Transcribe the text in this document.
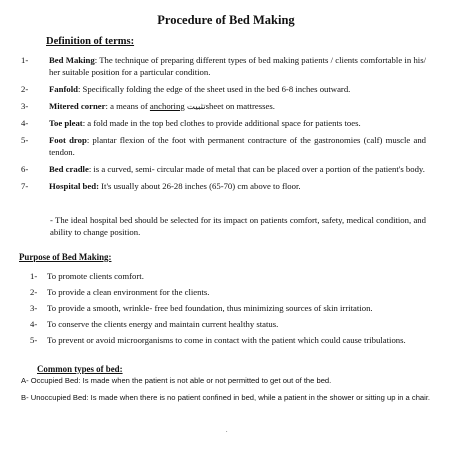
Procedure of Bed Making
Definition of terms:
1- Bed Making: The technique of preparing different types of bed making patients / clients comfortable in his/ her suitable position for a particular condition.
2- Fanfold: Specifically folding the edge of the sheet used in the bed 6-8 inches outward.
3- Mitered corner: a means of anchoring تثبيتsheet on mattresses.
4- Toe pleat: a fold made in the top bed clothes to provide additional space for patients toes.
5- Foot drop: plantar flexion of the foot with permanent contracture of the gastronomies (calf) muscle and tendon.
6- Bed cradle: is a curved, semi- circular made of metal that can be placed over a portion of the patient's body.
7- Hospital bed: It's usually about 26-28 inches (65-70) cm above to floor.
- The ideal hospital bed should be selected for its impact on patients comfort, safety, medical condition, and ability to change position.
Purpose of Bed Making:
1- To promote clients comfort.
2- To provide a clean environment for the clients.
3- To provide a smooth, wrinkle- free bed foundation, thus minimizing sources of skin irritation.
4- To conserve the clients energy and maintain current healthy status.
5- To prevent or avoid microorganisms to come in contact with the patient which could cause tribulations.
Common types of bed:
A- Occupied Bed: Is made when the patient is not able or not permitted to get out of the bed.
B- Unoccupied Bed: Is made when there is no patient confined in bed, while a patient in the shower or sitting up in a chair.
.
